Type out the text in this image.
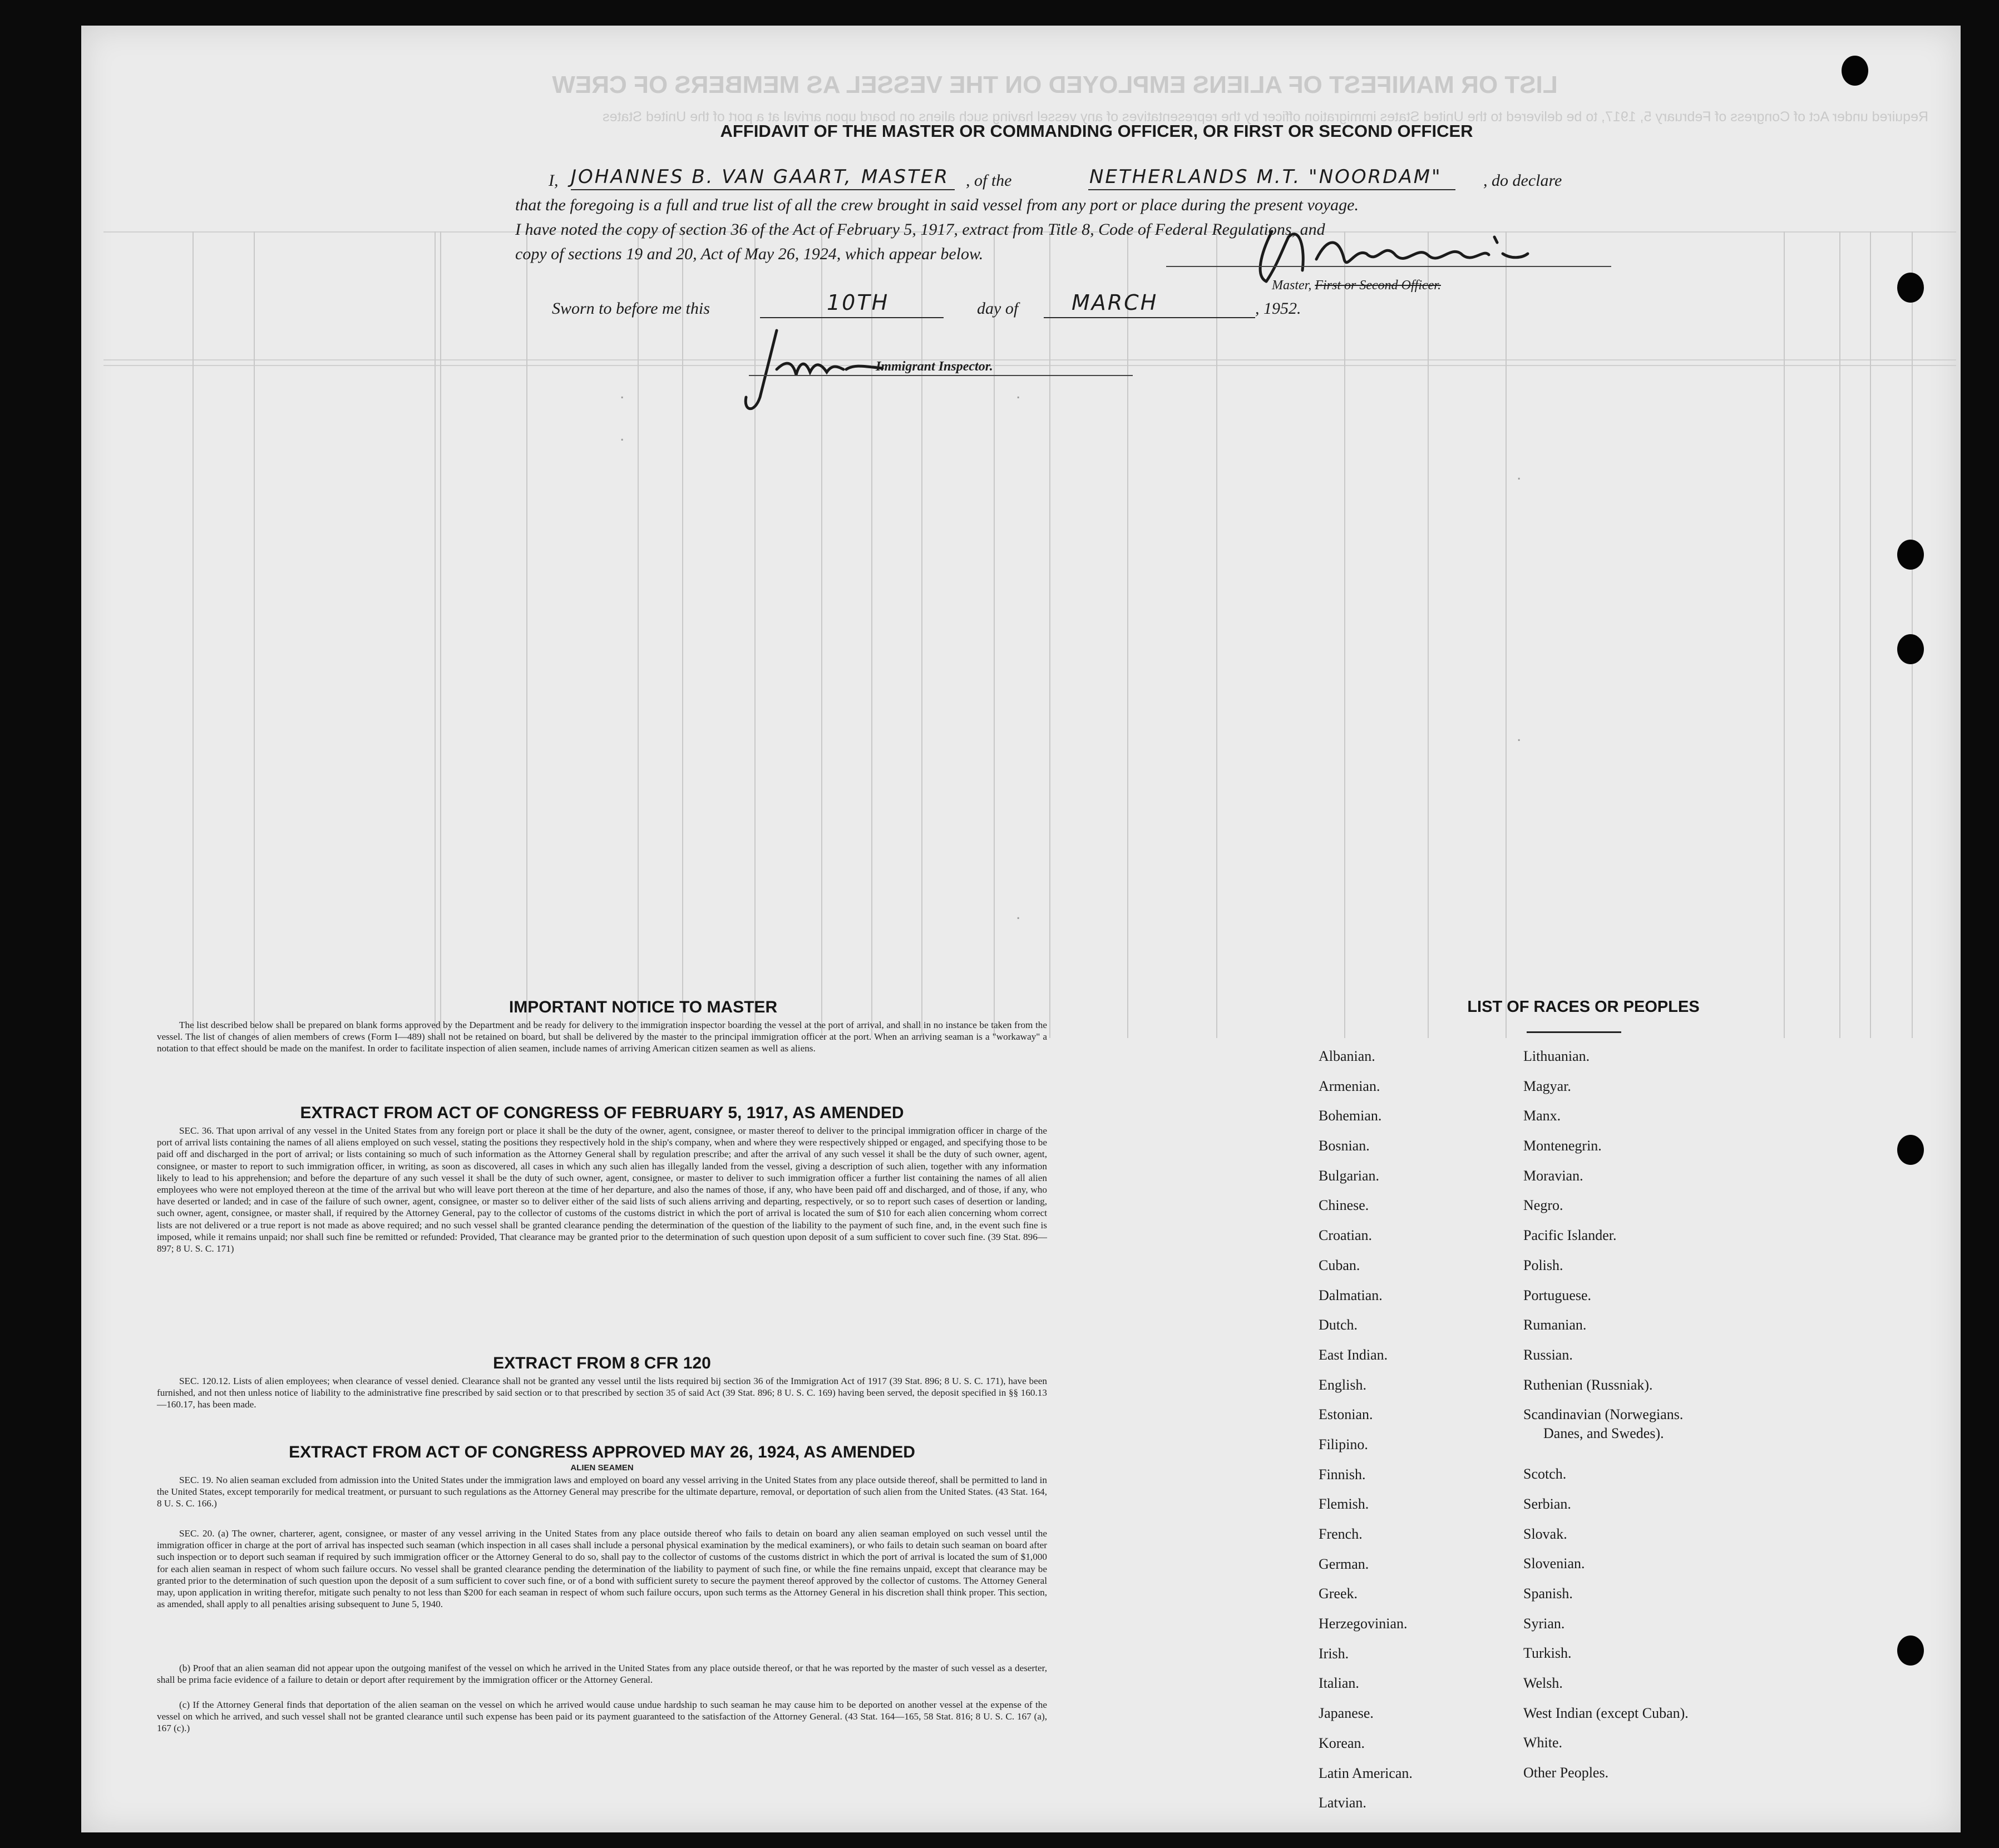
LIST OR MANIFEST OF ALIENS EMPLOYED ON THE VESSEL AS MEMBERS OF CREW
Required under Act of Congress of February 5, 1917, to be delivered to the United States immigration officer by the representatives of any vessel having such aliens on board upon arrival at a port of the United States
AFFIDAVIT OF THE MASTER OR COMMANDING OFFICER, OR FIRST OR SECOND OFFICER
I, JOHANNES B. VAN GAART, MASTER , of the	NETHERLANDS M.T. "NOORDAM" , do declare
that the foregoing is a full and true list of all the crew brought in said vessel from any port or place during the present voyage.
I have noted the copy of section 36 of the Act of February 5, 1917, extract from Title 8, Code of Federal Regulations, and
copy of sections 19 and 20, Act of May 26, 1924, which appear below.
Master, First or Second Officer.
Sworn to before me this	10TH	day of	MARCH	, 1952.
Immigrant Inspector.
IMPORTANT NOTICE TO MASTER
The list described below shall be prepared on blank forms approved by the Department and be ready for delivery to the immigration inspector boarding the vessel at the port of arrival, and shall in no instance be taken from the vessel. The list of changes of alien members of crews (Form I—489) shall not be retained on board, but shall be delivered by the master to the principal immigration officer at the port. When an arriving seaman is a "workaway" a notation to that effect should be made on the manifest. In order to facilitate inspection of alien seamen, include names of arriving American citizen seamen as well as aliens.
EXTRACT FROM ACT OF CONGRESS OF FEBRUARY 5, 1917, AS AMENDED
SEC. 36. That upon arrival of any vessel in the United States from any foreign port or place it shall be the duty of the owner, agent, consignee, or master thereof to deliver to the principal immigration officer in charge of the port of arrival lists containing the names of all aliens employed on such vessel, stating the positions they respectively hold in the ship's company, when and where they were respectively shipped or engaged, and specifying those to be paid off and discharged in the port of arrival; or lists containing so much of such information as the Attorney General shall by regulation prescribe; and after the arrival of any such vessel it shall be the duty of such owner, agent, consignee, or master to report to such immigration officer, in writing, as soon as discovered, all cases in which any such alien has illegally landed from the vessel, giving a description of such alien, together with any information likely to lead to his apprehension; and before the departure of any such vessel it shall be the duty of such owner, agent, consignee, or master to deliver to such immigration officer a further list containing the names of all alien employees who were not employed thereon at the time of the arrival but who will leave port thereon at the time of her departure, and also the names of those, if any, who have been paid off and discharged, and of those, if any, who have deserted or landed; and in case of the failure of such owner, agent, consignee, or master so to deliver either of the said lists of such aliens arriving and departing, respectively, or so to report such cases of desertion or landing, such owner, agent, consignee, or master shall, if required by the Attorney General, pay to the collector of customs of the customs district in which the port of arrival is located the sum of $10 for each alien concerning whom correct lists are not delivered or a true report is not made as above required; and no such vessel shall be granted clearance pending the determination of the question of the liability to the payment of such fine, and, in the event such fine is imposed, while it remains unpaid; nor shall such fine be remitted or refunded: Provided, That clearance may be granted prior to the determination of such question upon deposit of a sum sufficient to cover such fine. (39 Stat. 896—897; 8 U. S. C. 171)
EXTRACT FROM 8 CFR 120
SEC. 120.12. Lists of alien employees; when clearance of vessel denied. Clearance shall not be granted any vessel until the lists required bij section 36 of the Immigration Act of 1917 (39 Stat. 896; 8 U. S. C. 171), have been furnished, and not then unless notice of liability to the administrative fine prescribed by said section or to that prescribed by section 35 of said Act (39 Stat. 896; 8 U. S. C. 169) having been served, the deposit specified in §§ 160.13—160.17, has been made.
EXTRACT FROM ACT OF CONGRESS APPROVED MAY 26, 1924, AS AMENDED
ALIEN SEAMEN
SEC. 19. No alien seaman excluded from admission into the United States under the immigration laws and employed on board any vessel arriving in the United States from any place outside thereof, shall be permitted to land in the United States, except temporarily for medical treatment, or pursuant to such regulations as the Attorney General may prescribe for the ultimate departure, removal, or deportation of such alien from the United States. (43 Stat. 164, 8 U. S. C. 166.)
SEC. 20. (a) The owner, charterer, agent, consignee, or master of any vessel arriving in the United States from any place outside thereof who fails to detain on board any alien seaman employed on such vessel until the immigration officer in charge at the port of arrival has inspected such seaman (which inspection in all cases shall include a personal physical examination by the medical examiners), or who fails to detain such seaman on board after such inspection or to deport such seaman if required by such immigration officer or the Attorney General to do so, shall pay to the collector of customs of the customs district in which the port of arrival is located the sum of $1,000 for each alien seaman in respect of whom such failure occurs. No vessel shall be granted clearance pending the determination of the liability to payment of such fine, or while the fine remains unpaid, except that clearance may be granted prior to the determination of such question upon the deposit of a sum sufficient to cover such fine, or of a bond with sufficient surety to secure the payment thereof approved by the collector of customs. The Attorney General may, upon application in writing therefor, mitigate such penalty to not less than $200 for each seaman in respect of whom such failure occurs, upon such terms as the Attorney General in his discretion shall think proper. This section, as amended, shall apply to all penalties arising subsequent to June 5, 1940.
(b) Proof that an alien seaman did not appear upon the outgoing manifest of the vessel on which he arrived in the United States from any place outside thereof, or that he was reported by the master of such vessel as a deserter, shall be prima facie evidence of a failure to detain or deport after requirement by the immigration officer or the Attorney General.
(c) If the Attorney General finds that deportation of the alien seaman on the vessel on which he arrived would cause undue hardship to such seaman he may cause him to be deported on another vessel at the expense of the vessel on which he arrived, and such vessel shall not be granted clearance until such expense has been paid or its payment guaranteed to the satisfaction of the Attorney General. (43 Stat. 164—165, 58 Stat. 816; 8 U. S. C. 167 (a), 167 (c).)
LIST OF RACES OR PEOPLES
Albanian.
Armenian.
Bohemian.
Bosnian.
Bulgarian.
Chinese.
Croatian.
Cuban.
Dalmatian.
Dutch.
East Indian.
English.
Estonian.
Filipino.
Finnish.
Flemish.
French.
German.
Greek.
Herzegovinian.
Irish.
Italian.
Japanese.
Korean.
Latin American.
Latvian.
Lithuanian.
Magyar.
Manx.
Montenegrin.
Moravian.
Negro.
Pacific Islander.
Polish.
Portuguese.
Rumanian.
Russian.
Ruthenian (Russniak).
Scandinavian (Norwegians.
Danes, and Swedes).
Scotch.
Serbian.
Slovak.
Slovenian.
Spanish.
Syrian.
Turkish.
Welsh.
West Indian (except Cuban).
White.
Other Peoples.
.
.
.
.
.
.
